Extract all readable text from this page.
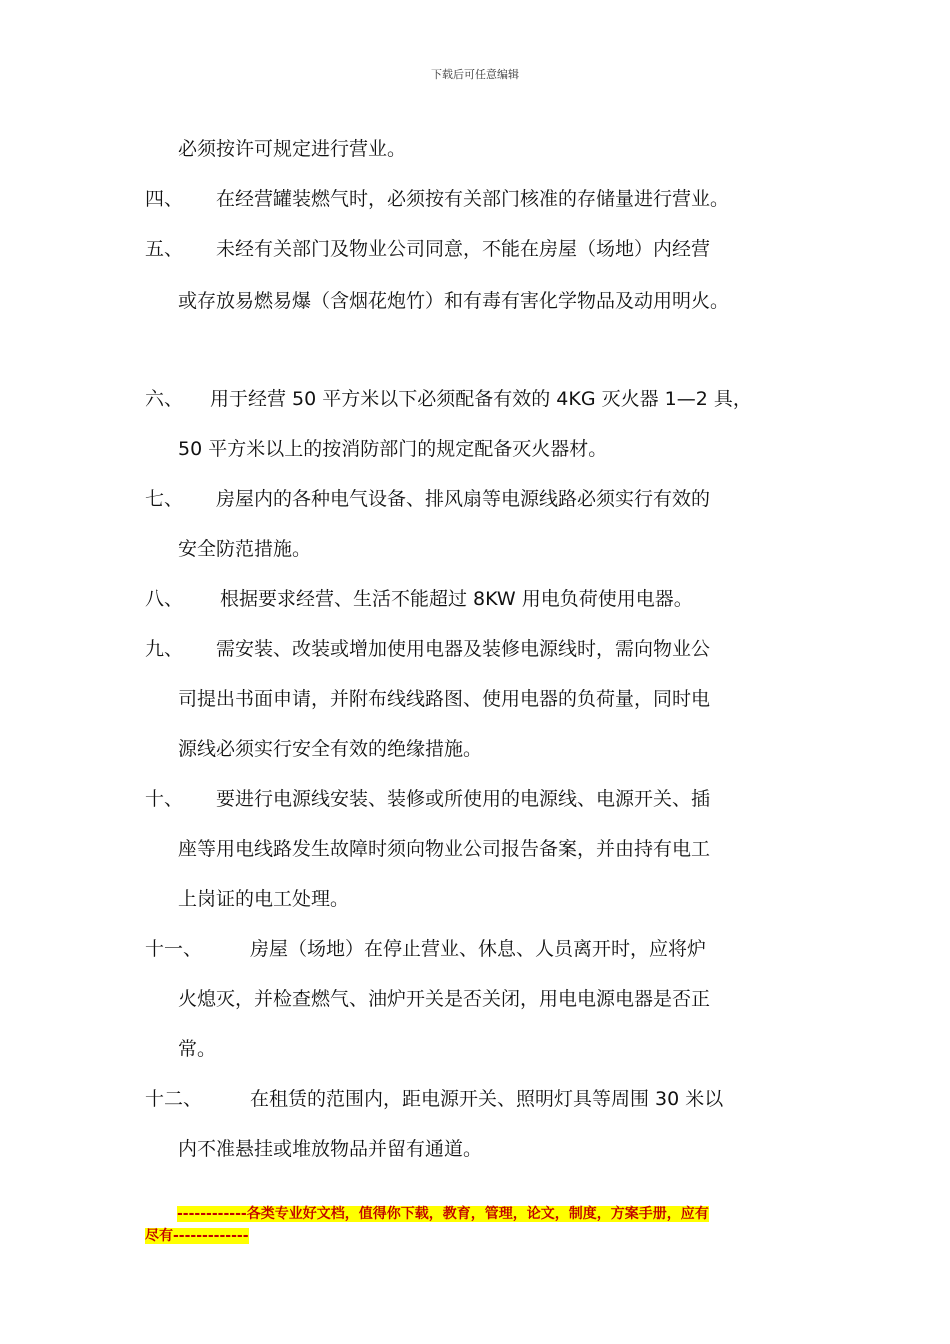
下载后可任意编辑
必须按许可规定进行营业。
四、 在经营罐装燃气时，必须按有关部门核准的存储量进行营业。
五、 未经有关部门及物业公司同意，不能在房屋（场地）内经营
或存放易燃易爆（含烟花炮竹）和有毒有害化学物品及动用明火。
六、 用于经营 50 平方米以下必须配备有效的 4KG 灭火器 1—2 具，
50 平方米以上的按消防部门的规定配备灭火器材。
七、 房屋内的各种电气设备、排风扇等电源线路必须实行有效的
安全防范措施。
八、 根据要求经营、生活不能超过 8KW 用电负荷使用电器。
九、 需安装、改装或增加使用电器及装修电源线时，需向物业公
司提出书面申请，并附布线线路图、使用电器的负荷量，同时电
源线必须实行安全有效的绝缘措施。
十、 要进行电源线安装、装修或所使用的电源线、电源开关、插
座等用电线路发生故障时须向物业公司报告备案，并由持有电工
上岗证的电工处理。
十一、	房屋（场地）在停止营业、休息、人员离开时，应将炉
火熄灭，并检查燃气、油炉开关是否关闭，用电电源电器是否正
常。
十二、	在租赁的范围内，距电源开关、照明灯具等周围 30 米以
内不准悬挂或堆放物品并留有通道。
------------各类专业好文档，值得你下载，教育，管理，论文，制度，方案手册，应有
尽有-------------
